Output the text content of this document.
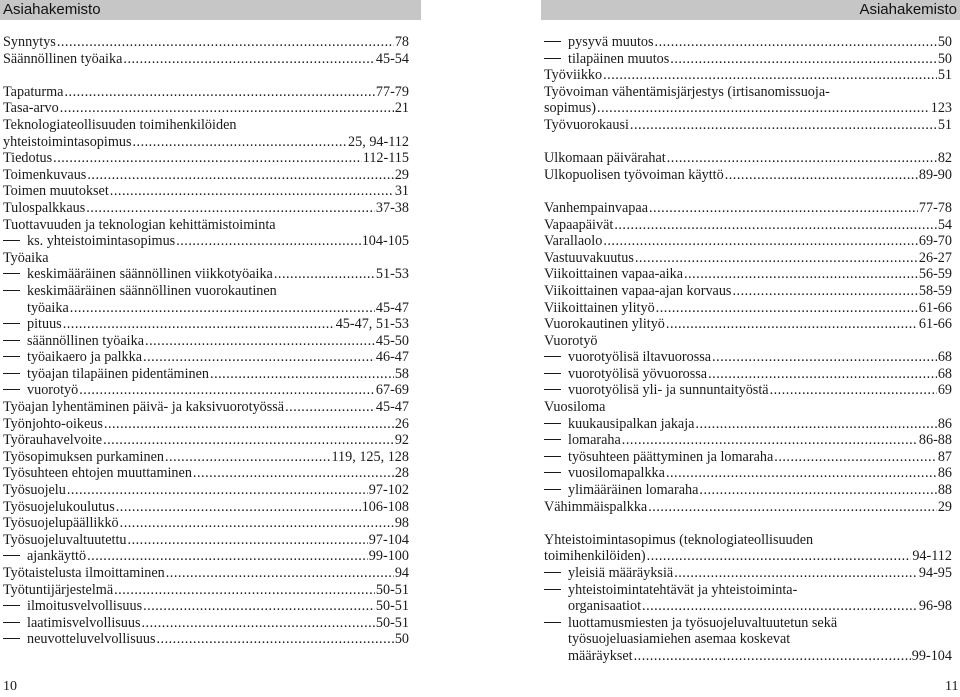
Asiahakemisto	Asiahakemisto
Synnytys .....	78
Säännöllinen työaika .....	45-54
Tapaturma .....	77-79
Tasa-arvo .....	21
Teknologiateollisuuden toimihenkilöiden
yhteistoimintasopimus .....	25, 94-112
Tiedotus .....	112-115
Toimenkuvaus .....	29
Toimen muutokset .....	31
Tulospalkkaus .....	37-38
Tuottavuuden ja teknologian kehittämistoiminta
ks. yhteistoimintasopimus .....	104-105
Työaika
keskimääräinen säännöllinen viikkotyöaika .....	51-53
keskimääräinen säännöllinen vuorokautinen
työaika .....	45-47
pituus .....	45-47, 51-53
säännöllinen työaika .....	45-50
työaikaero ja palkka .....	46-47
työajan tilapäinen pidentäminen .....	58
vuorotyö .....	67-69
Työajan lyhentäminen päivä- ja kaksivuorotyössä .....	45-47
Työnjohto-oikeus .....	26
Työrauhavelvoite .....	92
Työsopimuksen purkaminen .....	119, 125, 128
Työsuhteen ehtojen muuttaminen .....	28
Työsuojelu .....	97-102
Työsuojelukoulutus .....	106-108
Työsuojelupäällikkö .....	98
Työsuojeluvaltuutettu .....	97-104
ajankäyttö .....	99-100
Työtaistelusta ilmoittaminen .....	94
Työtuntijärjestelmä .....	50-51
ilmoitusvelvollisuus .....	50-51
laatimisvelvollisuus .....	50-51
neuvotteluvelvollisuus .....	50
pysyvä muutos .....	50
tilapäinen muutos .....	50
Työviikko .....	51
Työvoiman vähentämisjärjestys (irtisanomissuoja-
sopimus) .....	123
Työvuorokausi .....	51
Ulkomaan päivärahat .....	82
Ulkopuolisen työvoiman käyttö .....	89-90
Vanhempainvapaa .....	77-78
Vapaapäivät .....	54
Varallaolo .....	69-70
Vastuuvakuutus .....	26-27
Viikoittainen vapaa-aika .....	56-59
Viikoittainen vapaa-ajan korvaus .....	58-59
Viikoittainen ylityö .....	61-66
Vuorokautinen ylityö .....	61-66
Vuorotyö
vuorotyölisä iltavuorossa .....	68
vuorotyölisä yövuorossa .....	68
vuorotyölisä yli- ja sunnuntaityöstä .....	69
Vuosiloma
kuukausipalkan jakaja .....	86
lomaraha .....	86-88
työsuhteen päättyminen ja lomaraha .....	87
vuosilomapalkka .....	86
ylimääräinen lomaraha .....	88
Vähimmäispalkka .....	29
Yhteistoimintasopimus (teknologiateollisuuden
toimihenkilöiden) .....	94-112
yleisiä määräyksiä .....	94-95
yhteistoimintatehtävät ja yhteistoiminta-
organisaatiot .....	96-98
luottamusmiesten ja työsuojeluvaltuutetun sekä
työsuojeluasiamiehen asemaa koskevat
määräykset .....	99-104
10	11
